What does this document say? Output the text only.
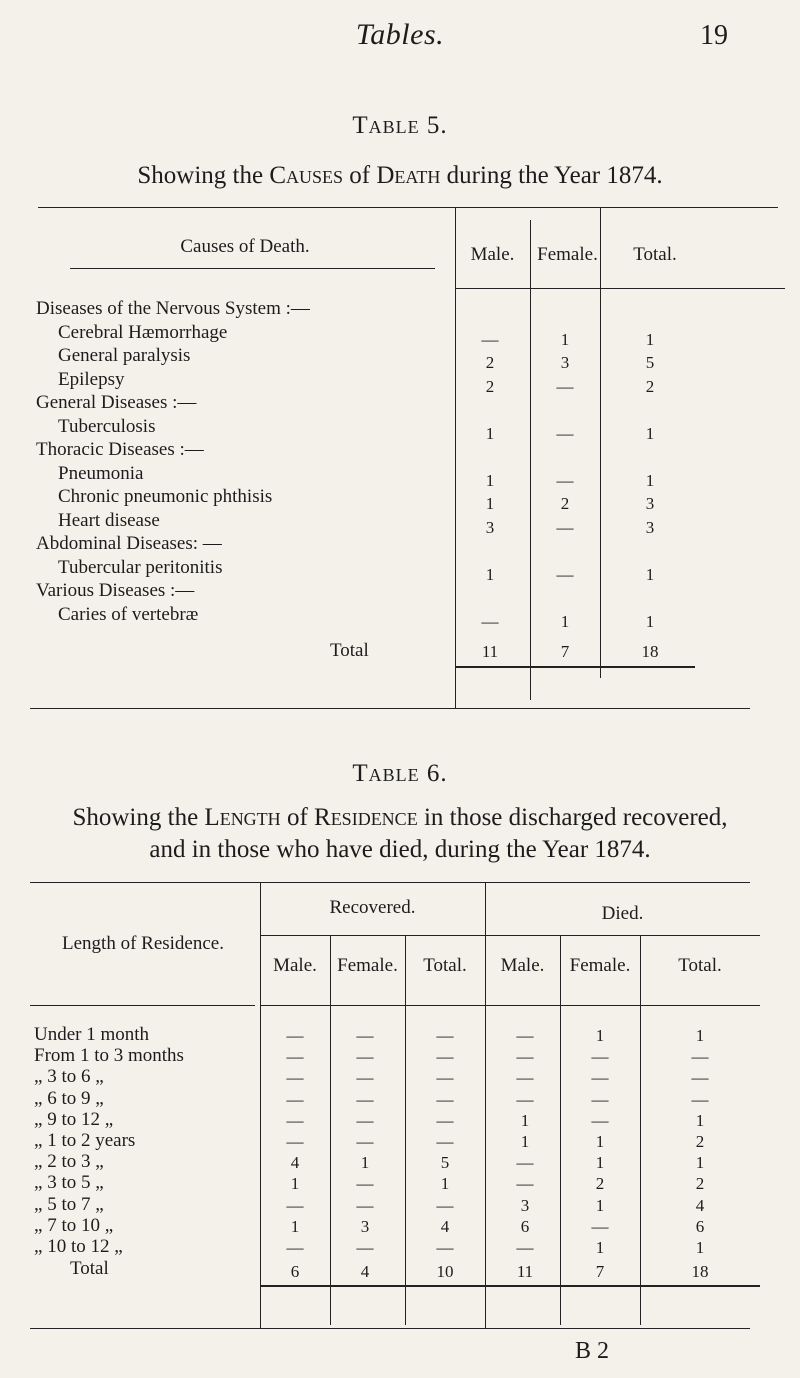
Tables.	19
Table 5.
Showing the Causes of Death during the Year 1874.
Causes of Death.	Male.	Female.	Total.
Diseases of the Nervous System :—
Cerebral Hæmorrhage	—	1	1
General paralysis	2	3	5
Epilepsy	2	—	2
General Diseases :—
Tuberculosis	1	—	1
Thoracic Diseases :—
Pneumonia	1	—	1
Chronic pneumonic phthisis	1	2	3
Heart disease	3	—	3
Abdominal Diseases: —
Tubercular peritonitis	1	—	1
Various Diseases :—
Caries of vertebræ	—	1	1
Total	11	7	18
Table 6.
Showing the Length of Residence in those discharged recovered,
and in those who have died, during the Year 1874.
Length of Residence.
Recovered.	Died.
Male.	Female.	Total.	Male.	Female.	Total.
Under 1 month	—	—	—	—	1	1
From 1 to 3 months	—	—	—	—	—	—
„ 3 to 6 „	—	—	—	—	—	—
„ 6 to 9 „	—	—	—	—	—	—
„ 9 to 12 „	—	—	—	1	—	1
„ 1 to 2 years	—	—	—	1	1	2
„ 2 to 3 „	4	1	5	—	1	1
„ 3 to 5 „	1	—	1	—	2	2
„ 5 to 7 „	—	—	—	3	1	4
„ 7 to 10 „	1	3	4	6	—	6
„ 10 to 12 „	—	—	—	—	1	1
Total	6	4	10	11	7	18
B 2
